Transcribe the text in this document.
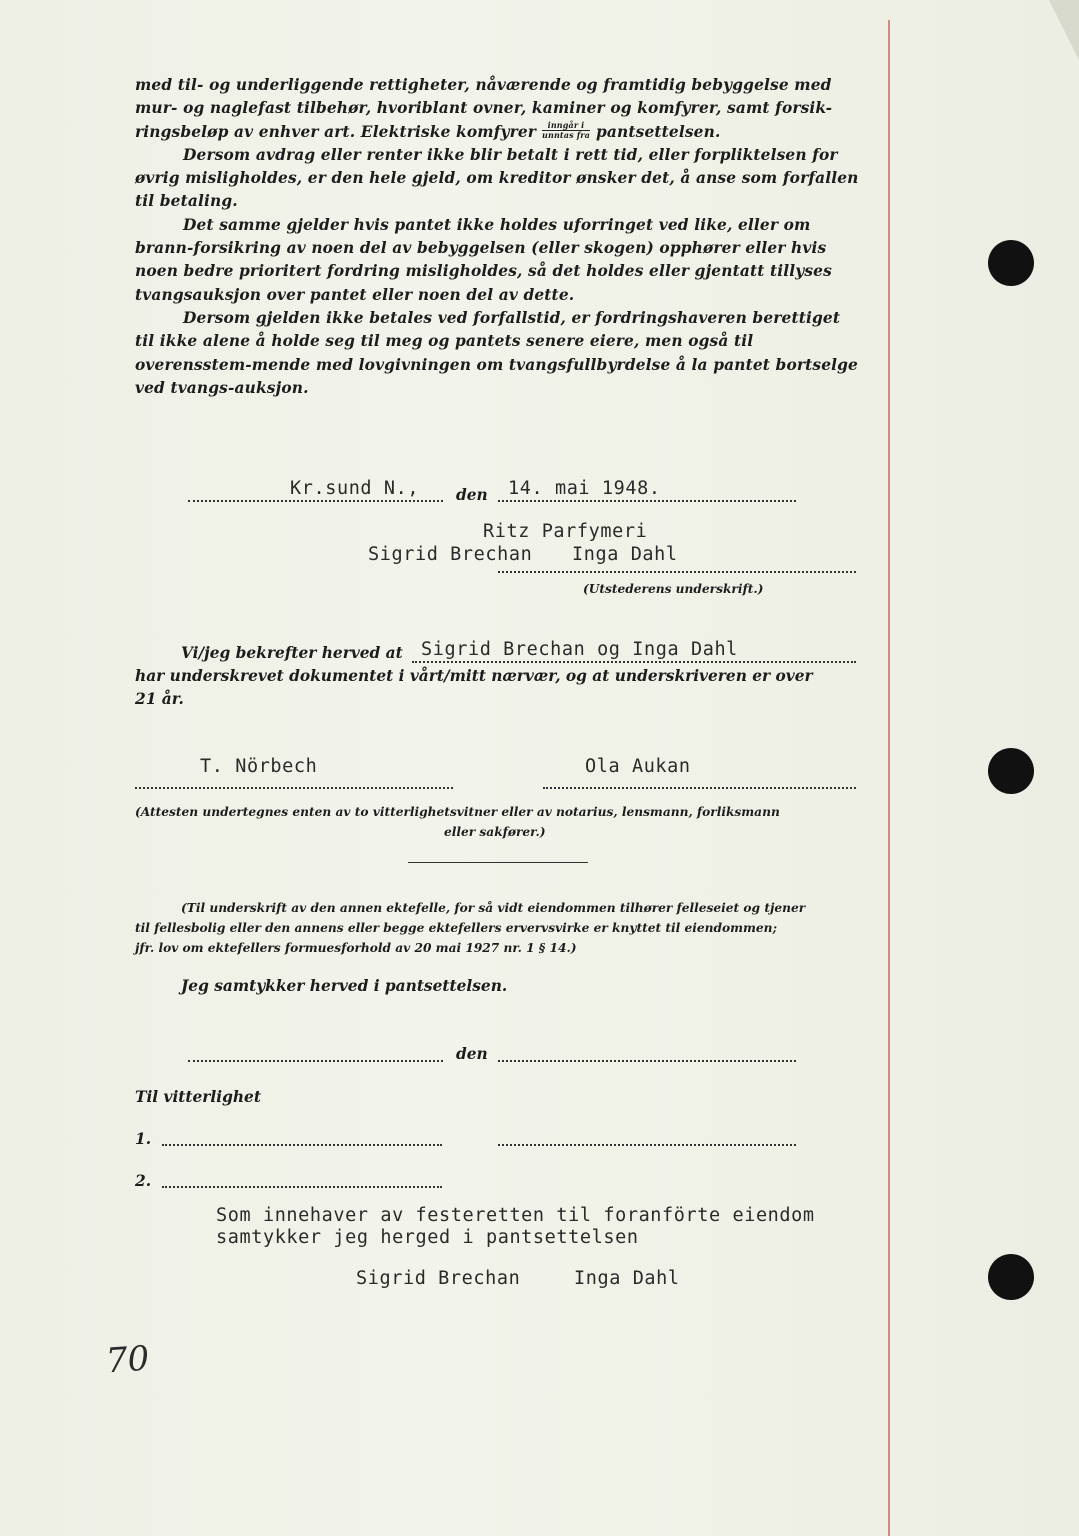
med til- og underliggende rettigheter, nåværende og framtidig bebyggelse med

mur- og naglefast tilbehør, hvoriblant ovner, kaminer og komfyrer, samt forsik-

ringsbeløp av enhver art. Elektriske komfyrer $\frac{\text{inngår i}}{\text{unntas fra}}$ pantsettelsen.

Dersom avdrag eller renter ikke blir betalt i rett tid, eller forpliktelsen for øvrig misligholdes, er den hele gjeld, om kreditor ønsker det, å anse som forfallen til betaling.

Det samme gjelder hvis pantet ikke holdes uforringet ved like, eller om brann-forsikring av noen del av bebyggelsen (eller skogen) opphører eller hvis noen bedre prioritert fordring misligholdes, så det holdes eller gjentatt tillyses tvangsauksjon over pantet eller noen del av dette.

Dersom gjelden ikke betales ved forfallstid, er fordringshaveren berettiget til ikke alene å holde seg til meg og pantets senere eiere, men også til overensstem-mende med lovgivningen om tvangsfullbyrdelse å la pantet bortselge ved tvangs-auksjon.

Kr.sund N., den 14. mai 1948.
Ritz Parfymeri
Sigrid Brechan Inga Dahl
(Utstederens underskrift.)
Vi/jeg bekrefter herved at Sigrid Brechan og Inga Dahl
har underskrevet dokumentet i vårt/mitt nærvær, og at underskriveren er over
21 år.
T. Nörbech	Ola Aukan
(Attesten undertegnes enten av to vitterlighetsvitner eller av notarius, lensmann, forliksmann
eller sakfører.)
(Til underskrift av den annen ektefelle, for så vidt eiendommen tilhører felleseiet og tjener
til fellesbolig eller den annens eller begge ektefellers ervervsvirke er knyttet til eiendommen;
jfr. lov om ektefellers formuesforhold av 20 mai 1927 nr. 1 § 14.)
Jeg samtykker herved i pantsettelsen.
den
Til vitterlighet
1.
2.
Som innehaver av festeretten til foranförte eiendom
samtykker jeg herged i pantsettelsen
Sigrid Brechan	Inga Dahl
70
